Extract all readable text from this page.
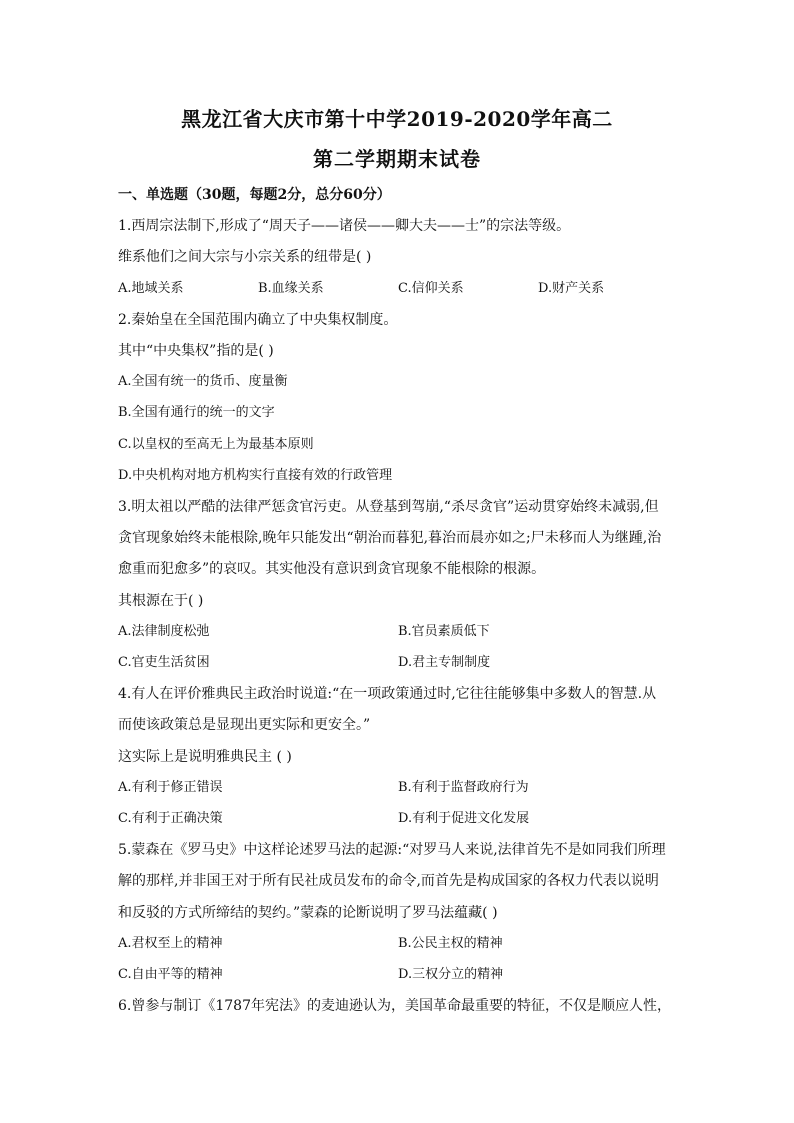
黑龙江省大庆市第十中学2019-2020学年高二
第二学期期末试卷
一、单选题（30题，每题2分，总分60分）
1.西周宗法制下,形成了“周天子——诸侯——卿大夫——士”的宗法等级。
维系他们之间大宗与小宗关系的纽带是( )
A.地域关系	B.血缘关系	C.信仰关系	D.财产关系
2.秦始皇在全国范围内确立了中央集权制度。
其中“中央集权”指的是( )
A.全国有统一的货币、度量衡
B.全国有通行的统一的文字
C.以皇权的至高无上为最基本原则
D.中央机构对地方机构实行直接有效的行政管理
3.明太祖以严酷的法律严惩贪官污吏。从登基到驾崩,“杀尽贪官”运动贯穿始终未减弱,但
贪官现象始终未能根除,晚年只能发出“朝治而暮犯,暮治而晨亦如之;尸未移而人为继踵,治
愈重而犯愈多”的哀叹。其实他没有意识到贪官现象不能根除的根源。
其根源在于( )
A.法律制度松弛	B.官员素质低下
C.官吏生活贫困	D.君主专制制度
4.有人在评价雅典民主政治时说道:“在一项政策通过时,它往往能够集中多数人的智慧.从
而使该政策总是显现出更实际和更安全。”
这实际上是说明雅典民主 ( )
A.有利于修正错误	B.有利于监督政府行为
C.有利于正确决策	D.有利于促进文化发展
5.蒙森在《罗马史》中这样论述罗马法的起源:“对罗马人来说,法律首先不是如同我们所理
解的那样,并非国王对于所有民社成员发布的命令,而首先是构成国家的各权力代表以说明
和反驳的方式所缔结的契约。”蒙森的论断说明了罗马法蕴藏( )
A.君权至上的精神	B.公民主权的精神
C.自由平等的精神	D.三权分立的精神
6.曾参与制订《1787年宪法》的麦迪逊认为，美国革命最重要的特征，不仅是顺应人性，
